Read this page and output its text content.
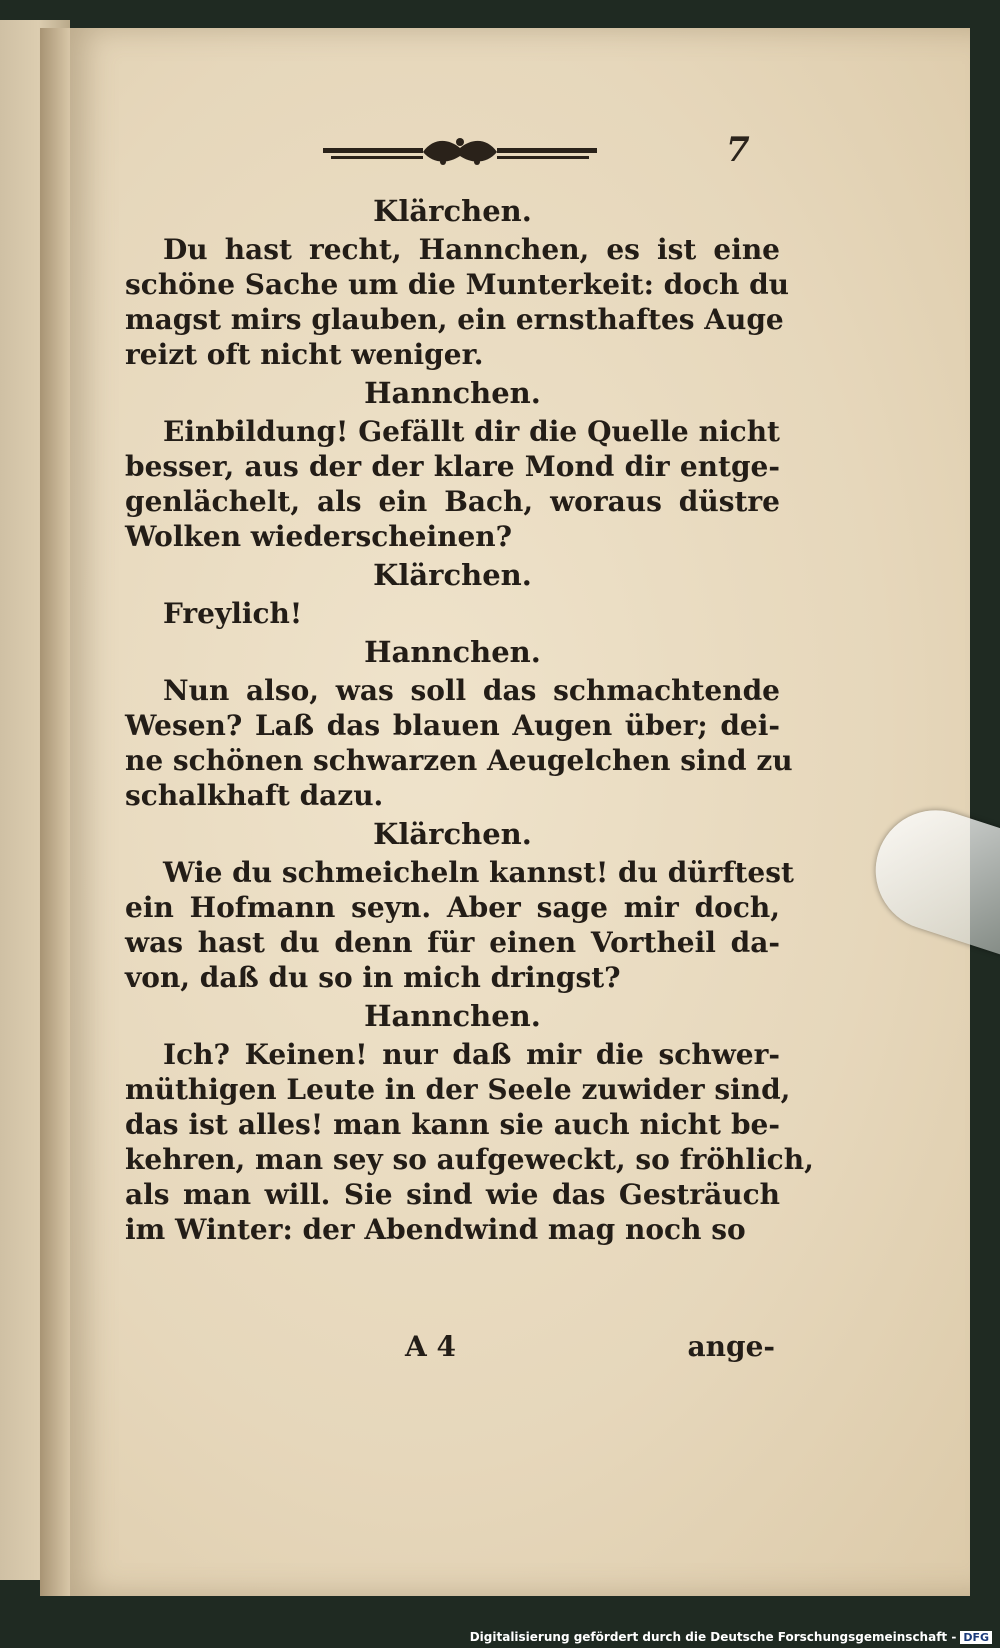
7
Klärchen.
Du hast recht, Hannchen, es ist eine
schöne Sache um die Munterkeit: doch du
magst mirs glauben, ein ernsthaftes Auge
reizt oft nicht weniger.
Hannchen.
Einbildung! Gefällt dir die Quelle nicht
besser, aus der der klare Mond dir entge-
genlächelt, als ein Bach, woraus düstre
Wolken wiederscheinen?
Klärchen.
Freylich!
Hannchen.
Nun also, was soll das schmachtende
Wesen? Laß das blauen Augen über; dei-
ne schönen schwarzen Aeugelchen sind zu
schalkhaft dazu.
Klärchen.
Wie du schmeicheln kannst! du dürftest
ein Hofmann seyn. Aber sage mir doch,
was hast du denn für einen Vortheil da-
von, daß du so in mich dringst?
Hannchen.
Ich? Keinen! nur daß mir die schwer-
müthigen Leute in der Seele zuwider sind,
das ist alles! man kann sie auch nicht be-
kehren, man sey so aufgeweckt, so fröhlich,
als man will. Sie sind wie das Gesträuch
im Winter: der Abendwind mag noch so
A 4	ange-
Digitalisierung gefördert durch die Deutsche Forschungsgemeinschaft - DFG
